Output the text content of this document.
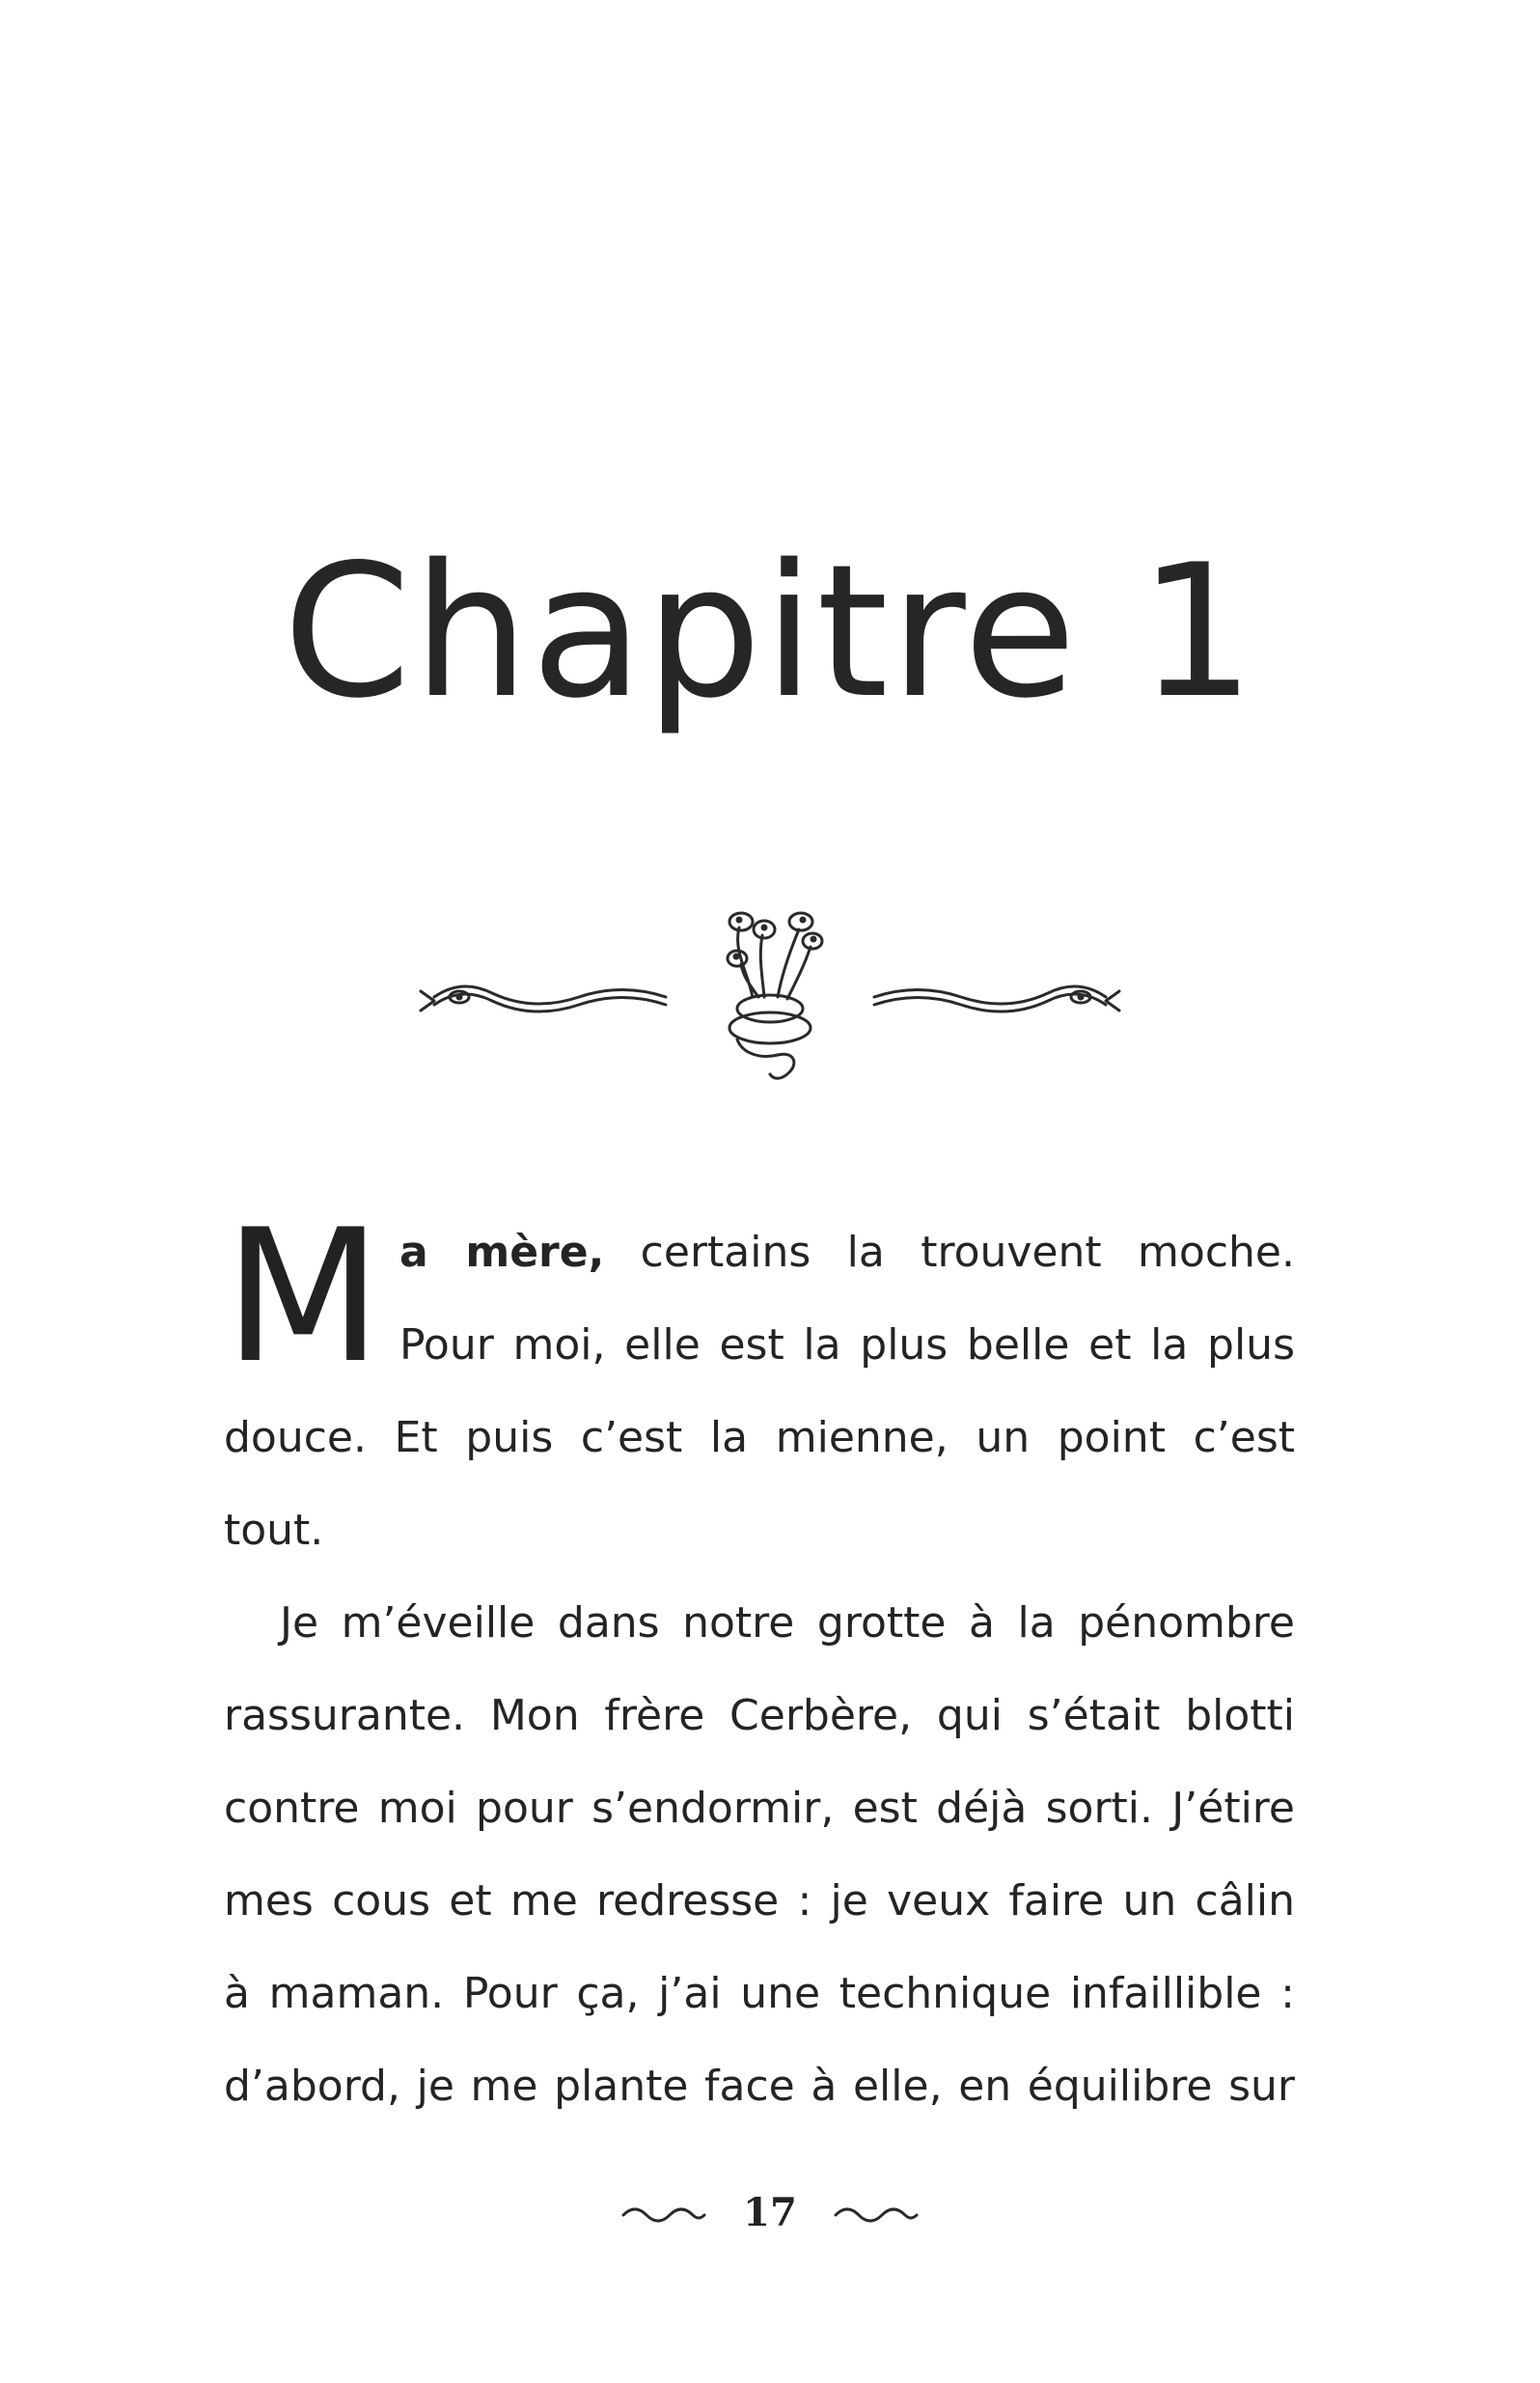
Chapitre 1
M a mère, certains la trouvent moche.
Pour moi, elle est la plus belle et la plus
douce. Et puis c’est la mienne, un point c’est tout.
Je m’éveille dans notre grotte à la pénombre
rassurante. Mon frère Cerbère, qui s’était blotti
contre moi pour s’endormir, est déjà sorti. J’étire
mes cous et me redresse : je veux faire un câlin
à maman. Pour ça, j’ai une technique infaillible :
d’abord, je me plante face à elle, en équilibre sur
17
